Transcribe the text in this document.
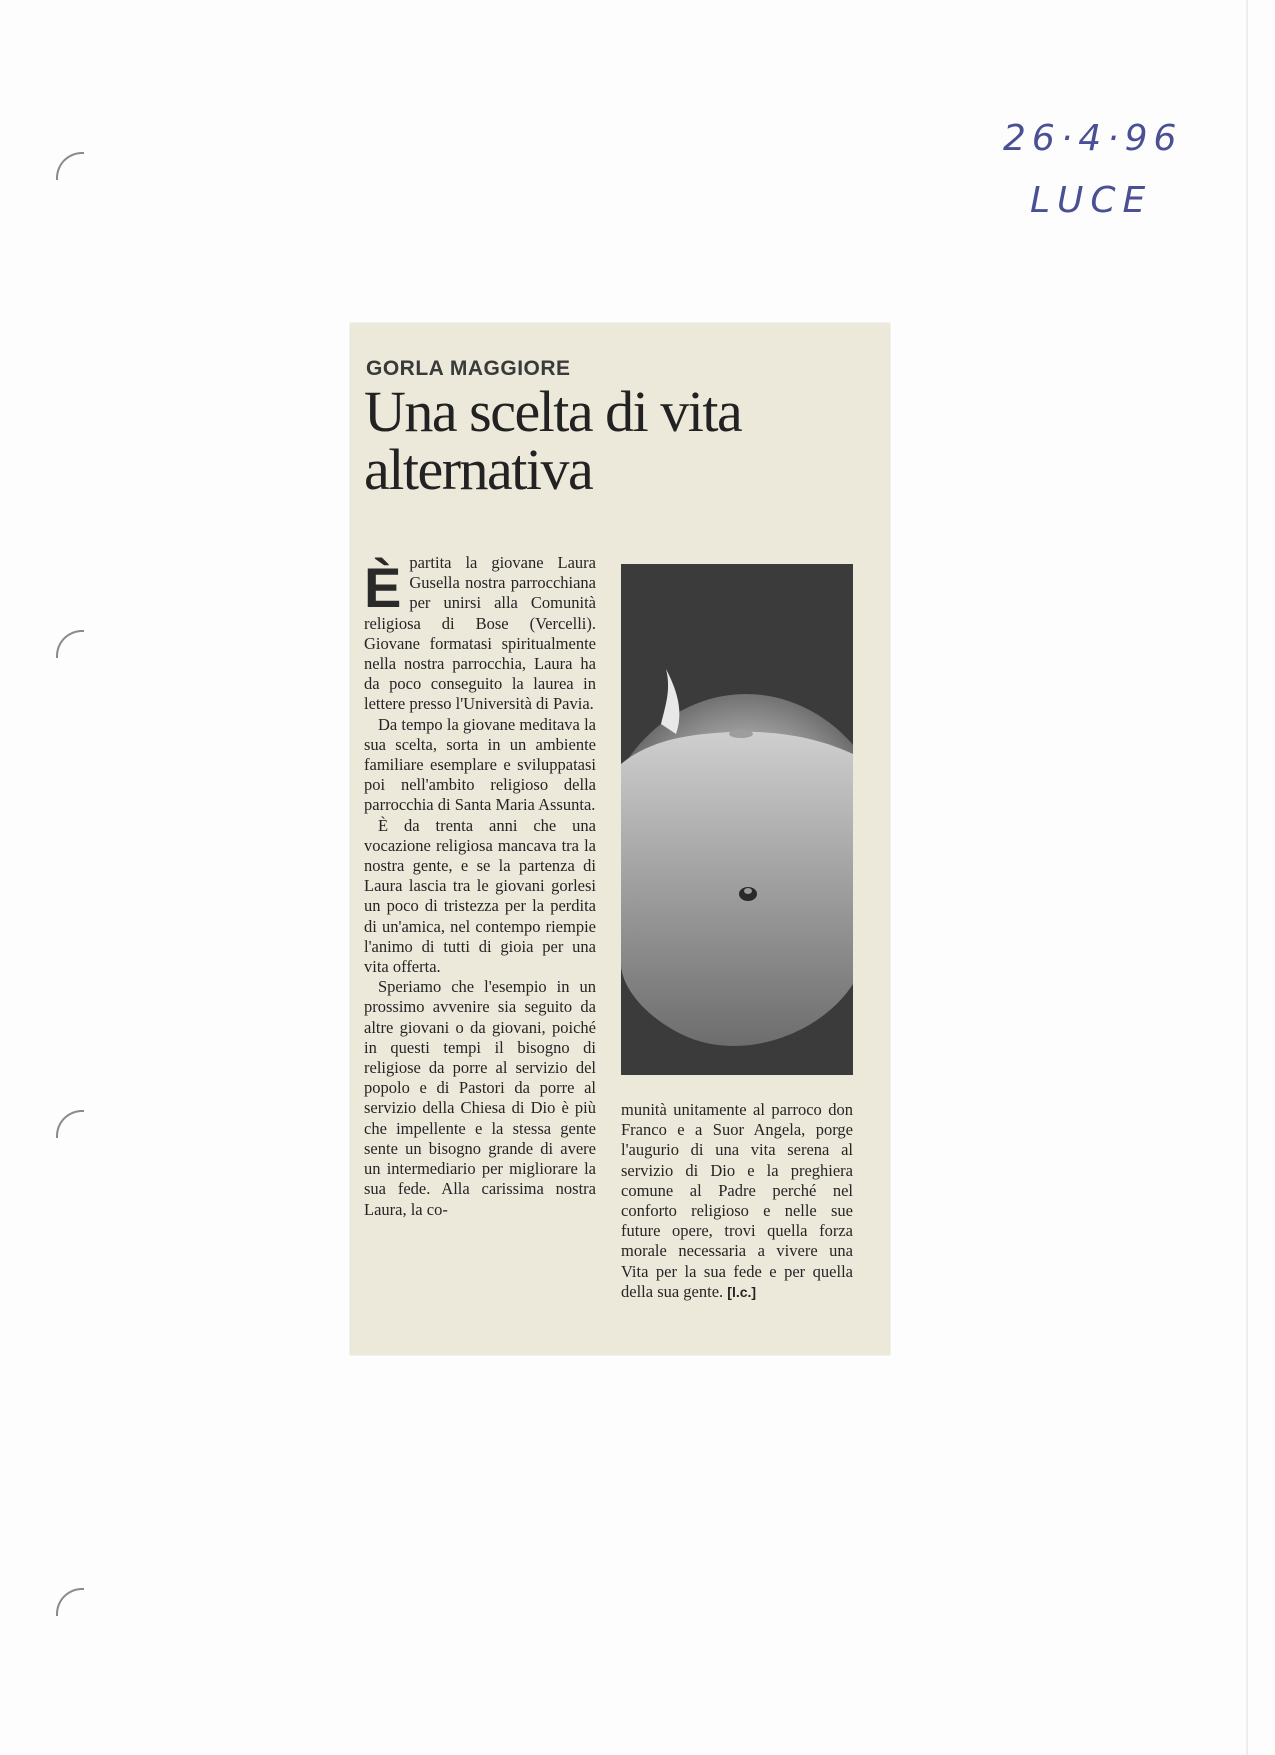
26·4·96
LUCE
GORLA MAGGIORE
Una scelta di vita alternativa
È partita la giovane Laura Gusella nostra parrocchiana per unirsi alla Comunità religiosa di Bose (Vercelli). Giovane formatasi spiritualmente nella nostra parrocchia, Laura ha da poco conseguito la laurea in lettere presso l'Università di Pavia.

Da tempo la giovane meditava la sua scelta, sorta in un ambiente familiare esemplare e sviluppatasi poi nell'ambito religioso della parrocchia di Santa Maria Assunta.

È da trenta anni che una vocazione religiosa mancava tra la nostra gente, e se la partenza di Laura lascia tra le giovani gorlesi un poco di tristezza per la perdita di un'amica, nel contempo riempie l'animo di tutti di gioia per una vita offerta.

Speriamo che l'esempio in un prossimo avvenire sia seguito da altre giovani o da giovani, poiché in questi tempi il bisogno di religiose da porre al servizio del popolo e di Pastori da porre al servizio della Chiesa di Dio è più che impellente e la stessa gente sente un bisogno grande di avere un intermediario per migliorare la sua fede. Alla carissima nostra Laura, la co-

munità unitamente al parroco don Franco e a Suor Angela, porge l'augurio di una vita serena al servizio di Dio e la preghiera comune al Padre perché nel conforto religioso e nelle sue future opere, trovi quella forza morale necessaria a vivere una Vita per la sua fede e per quella della sua gente. [l.c.]
